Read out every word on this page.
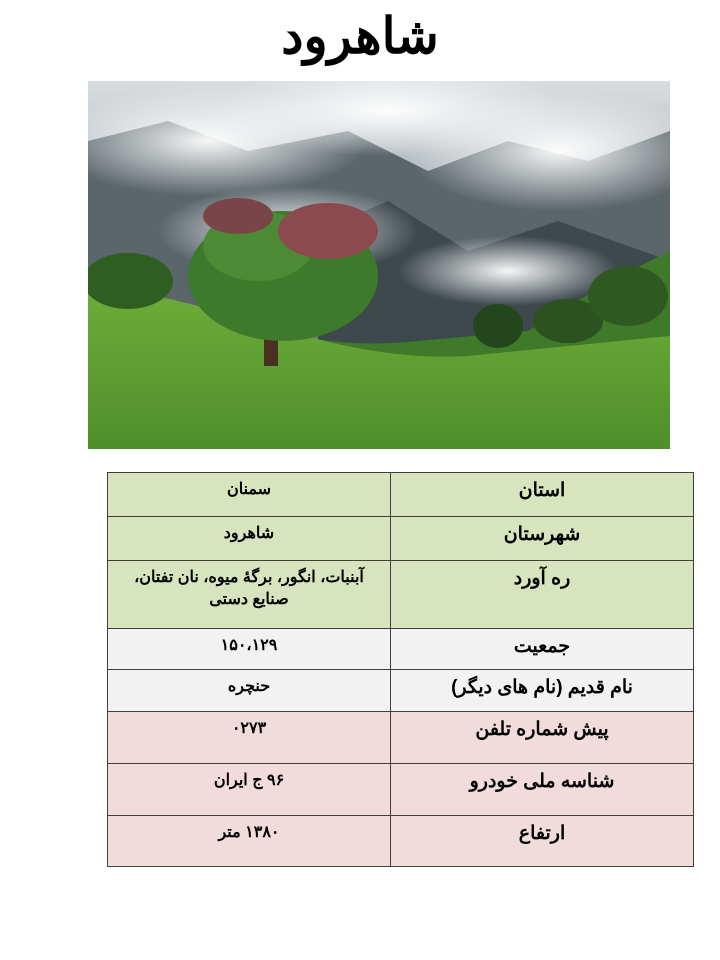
شاهرود
استان	سمنان
شهرستان	شاهرود
ره آورد	آبنبات، انگور، برگهٔ میوه، نان تفتان، صنایع دستی
جمعیت	۱۵۰،۱۲۹
نام قدیم (نام های دیگر)	حنچره
پیش شماره تلفن	۰۲۷۳
شناسه ملی خودرو	۹۶ ج ایران
ارتفاع	۱۳۸۰ متر
